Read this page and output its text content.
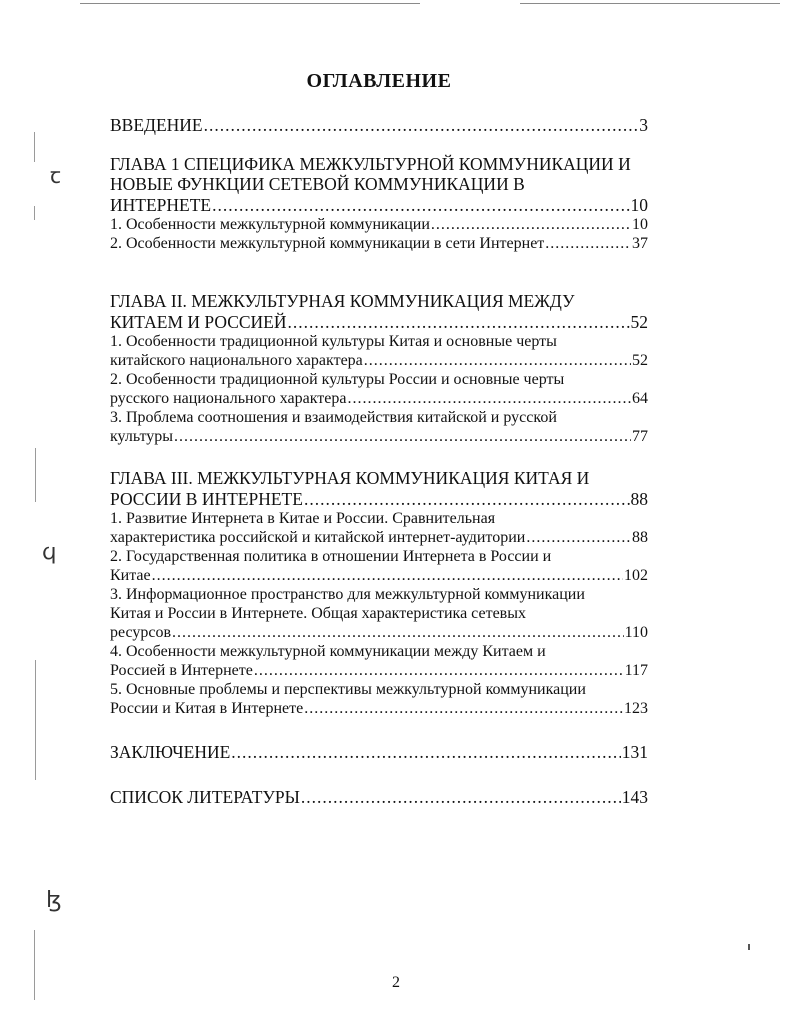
ꞇ
ϥ
ɮ
ОГЛАВЛЕНИЕ
ВВЕДЕНИЕ .....	3
ГЛАВА 1 СПЕЦИФИКА МЕЖКУЛЬТУРНОЙ КОММУНИКАЦИИ И
НОВЫЕ ФУНКЦИИ СЕТЕВОЙ КОММУНИКАЦИИ В
ИНТЕРНЕТЕ .....	10
1. Особенности межкультурной коммуникации .....	10
2. Особенности межкультурной коммуникации в сети Интернет .....	37
ГЛАВА II. МЕЖКУЛЬТУРНАЯ КОММУНИКАЦИЯ МЕЖДУ
КИТАЕМ И РОССИЕЙ .....	52
1. Особенности традиционной культуры Китая и основные черты
китайского национального характера .....	52
2. Особенности традиционной культуры России и основные черты
русского национального характера .....	64
3. Проблема соотношения и взаимодействия китайской и русской
культуры .....	77
ГЛАВА III. МЕЖКУЛЬТУРНАЯ КОММУНИКАЦИЯ КИТАЯ И
РОССИИ В ИНТЕРНЕТЕ .....	88
1. Развитие Интернета в Китае и России. Сравнительная
характеристика российской и китайской интернет-аудитории .....	88
2. Государственная политика в отношении Интернета в России и
Китае .....	102
3. Информационное пространство для межкультурной коммуникации
Китая и России в Интернете. Общая характеристика сетевых
ресурсов .....	110
4. Особенности межкультурной коммуникации между Китаем и
Россией в Интернете .....	117
5. Основные проблемы и перспективы межкультурной коммуникации
России и Китая в Интернете .....	123
ЗАКЛЮЧЕНИЕ .....	131
СПИСОК ЛИТЕРАТУРЫ .....	143
2
